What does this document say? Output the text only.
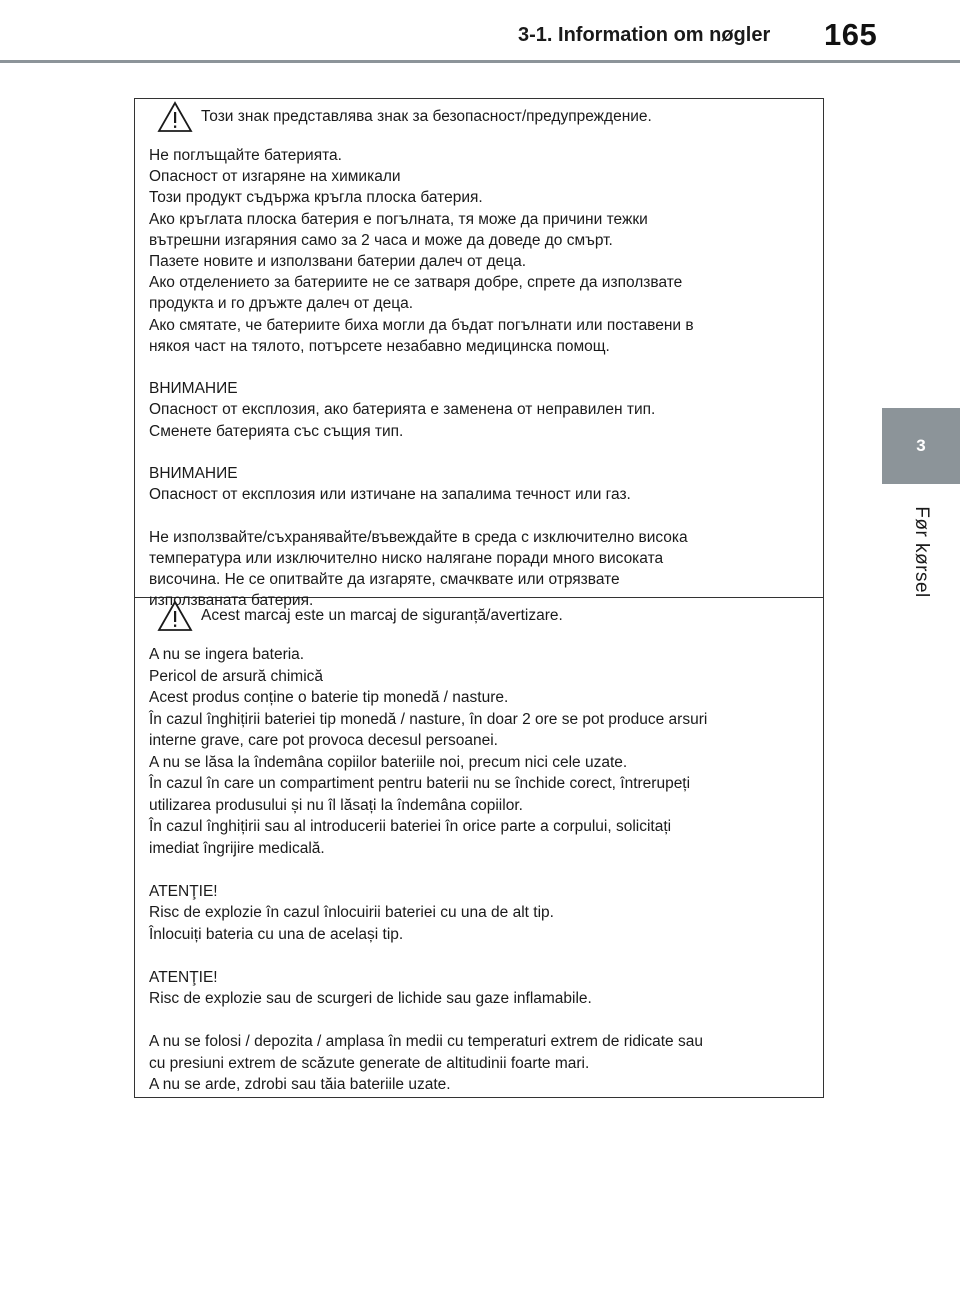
3-1. Information om nøgler	165
3
Før kørsel
Този знак представлява знак за безопасност/предупреждение.
Не поглъщайте батерията.
Опасност от изгаряне на химикали
Този продукт съдържа кръгла плоска батерия.
Ако кръглата плоска батерия е погълната, тя може да причини тежки
вътрешни изгаряния само за 2 часа и може да доведе до смърт.
Пазете новите и използвани батерии далеч от деца.
Ако отделението за батериите не се затваря добре, спрете да използвате
продукта и го дръжте далеч от деца.
Ако смятате, че батериите биха могли да бъдат погълнати или поставени в
някоя част на тялото, потърсете незабавно медицинска помощ.
ВНИМАНИЕ
Опасност от експлозия, ако батерията е заменена от неправилен тип.
Сменете батерията със същия тип.
ВНИМАНИЕ
Опасност от експлозия или изтичане на запалима течност или газ.
Не използвайте/съхранявайте/въвеждайте в среда с изключително висока
температура или изключително ниско налягане поради много високата
височина. Не се опитвайте да изгаряте, смачквате или отрязвате
използваната батерия.
Acest marcaj este un marcaj de siguranță/avertizare.
A nu se ingera bateria.
Pericol de arsură chimică
Acest produs conține o baterie tip monedă / nasture.
În cazul înghițirii bateriei tip monedă / nasture, în doar 2 ore se pot produce arsuri
interne grave, care pot provoca decesul persoanei.
A nu se lăsa la îndemâna copiilor bateriile noi, precum nici cele uzate.
În cazul în care un compartiment pentru baterii nu se închide corect, întrerupeți
utilizarea produsului și nu îl lăsați la îndemâna copiilor.
În cazul înghițirii sau al introducerii bateriei în orice parte a corpului, solicitați
imediat îngrijire medicală.
ATENŢIE!
Risc de explozie în cazul înlocuirii bateriei cu una de alt tip.
Înlocuiți bateria cu una de același tip.
ATENŢIE!
Risc de explozie sau de scurgeri de lichide sau gaze inflamabile.
A nu se folosi / depozita / amplasa în medii cu temperaturi extrem de ridicate sau
cu presiuni extrem de scăzute generate de altitudinii foarte mari.
A nu se arde, zdrobi sau tăia bateriile uzate.
